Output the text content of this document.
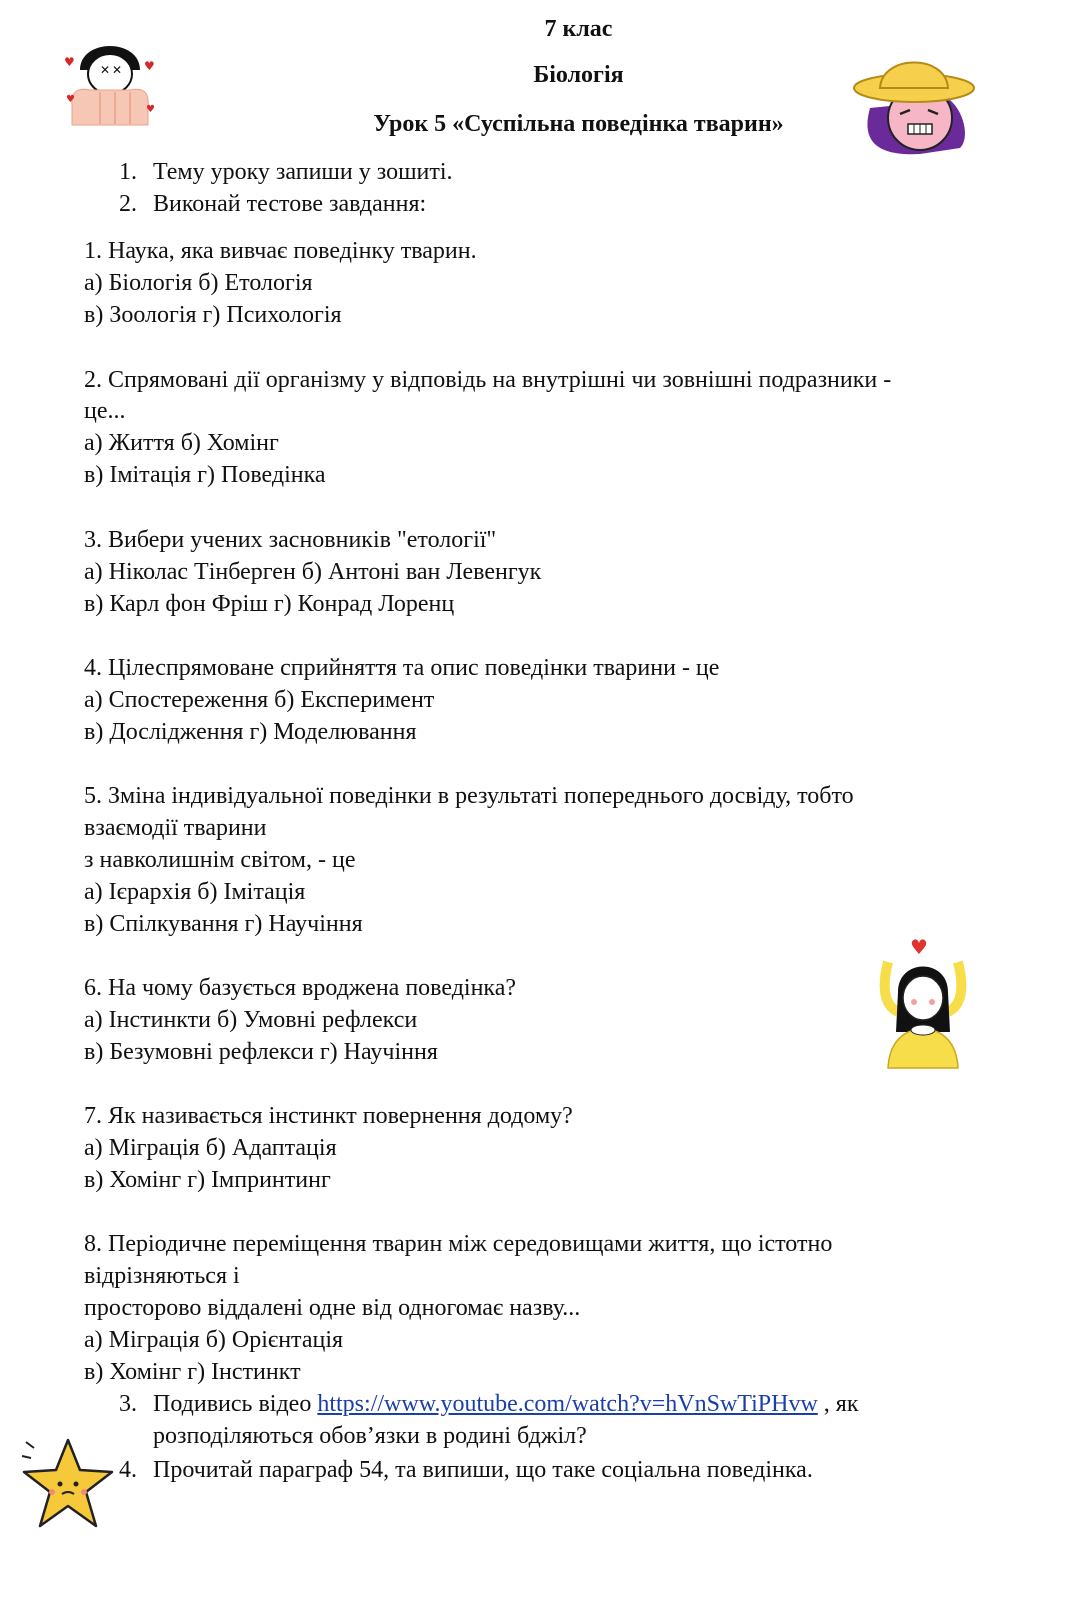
7 клас
Біологія
Урок 5 «Суспільна поведінка тварин»
1. Тему уроку запиши у зошиті.
2. Виконай тестове завдання:

1. Наука, яка вивчає поведінку тварин.

а) Біологія б) Етологія

в) Зоологія г) Психологія

2. Спрямовані дії організму у відповідь на внутрішні чи зовнішні подразники -

це...

а) Життя б) Хомінг

в) Імітація г) Поведінка

3. Вибери учених засновників "етології"

а) Ніколас Тінберген б) Антоні ван Левенгук

в) Карл фон Фріш г) Конрад Лоренц

4. Цілеспрямоване сприйняття та опис поведінки тварини - це

а) Спостереження б) Експеримент

в) Дослідження г) Моделювання

5. Зміна індивідуальної поведінки в результаті попереднього досвіду, тобто

взаємодії тварини

з навколишнім світом, - це

а) Ієрархія б) Імітація

в) Спілкування г) Научіння

6. На чому базується вроджена поведінка?

а) Інстинкти б) Умовні рефлекси

в) Безумовні рефлекси г) Научіння

7. Як називається інстинкт повернення додому?

а) Міграція б) Адаптація

в) Хомінг г) Імпринтинг

8. Періодичне переміщення тварин між середовищами життя, що істотно

відрізняються і

просторово віддалені одне від одногомає назву...

а) Міграція б) Орієнтація

в) Хомінг г) Інстинкт

3. Подивись відео https://www.youtube.com/watch?v=hVnSwTiPHvw , як
розподіляються обов’язки в родині бджіл?
4. Прочитай параграф 54, та випиши, що таке соціальна поведінка.
✕ ✕
♥	♥
♥
♥
♥
